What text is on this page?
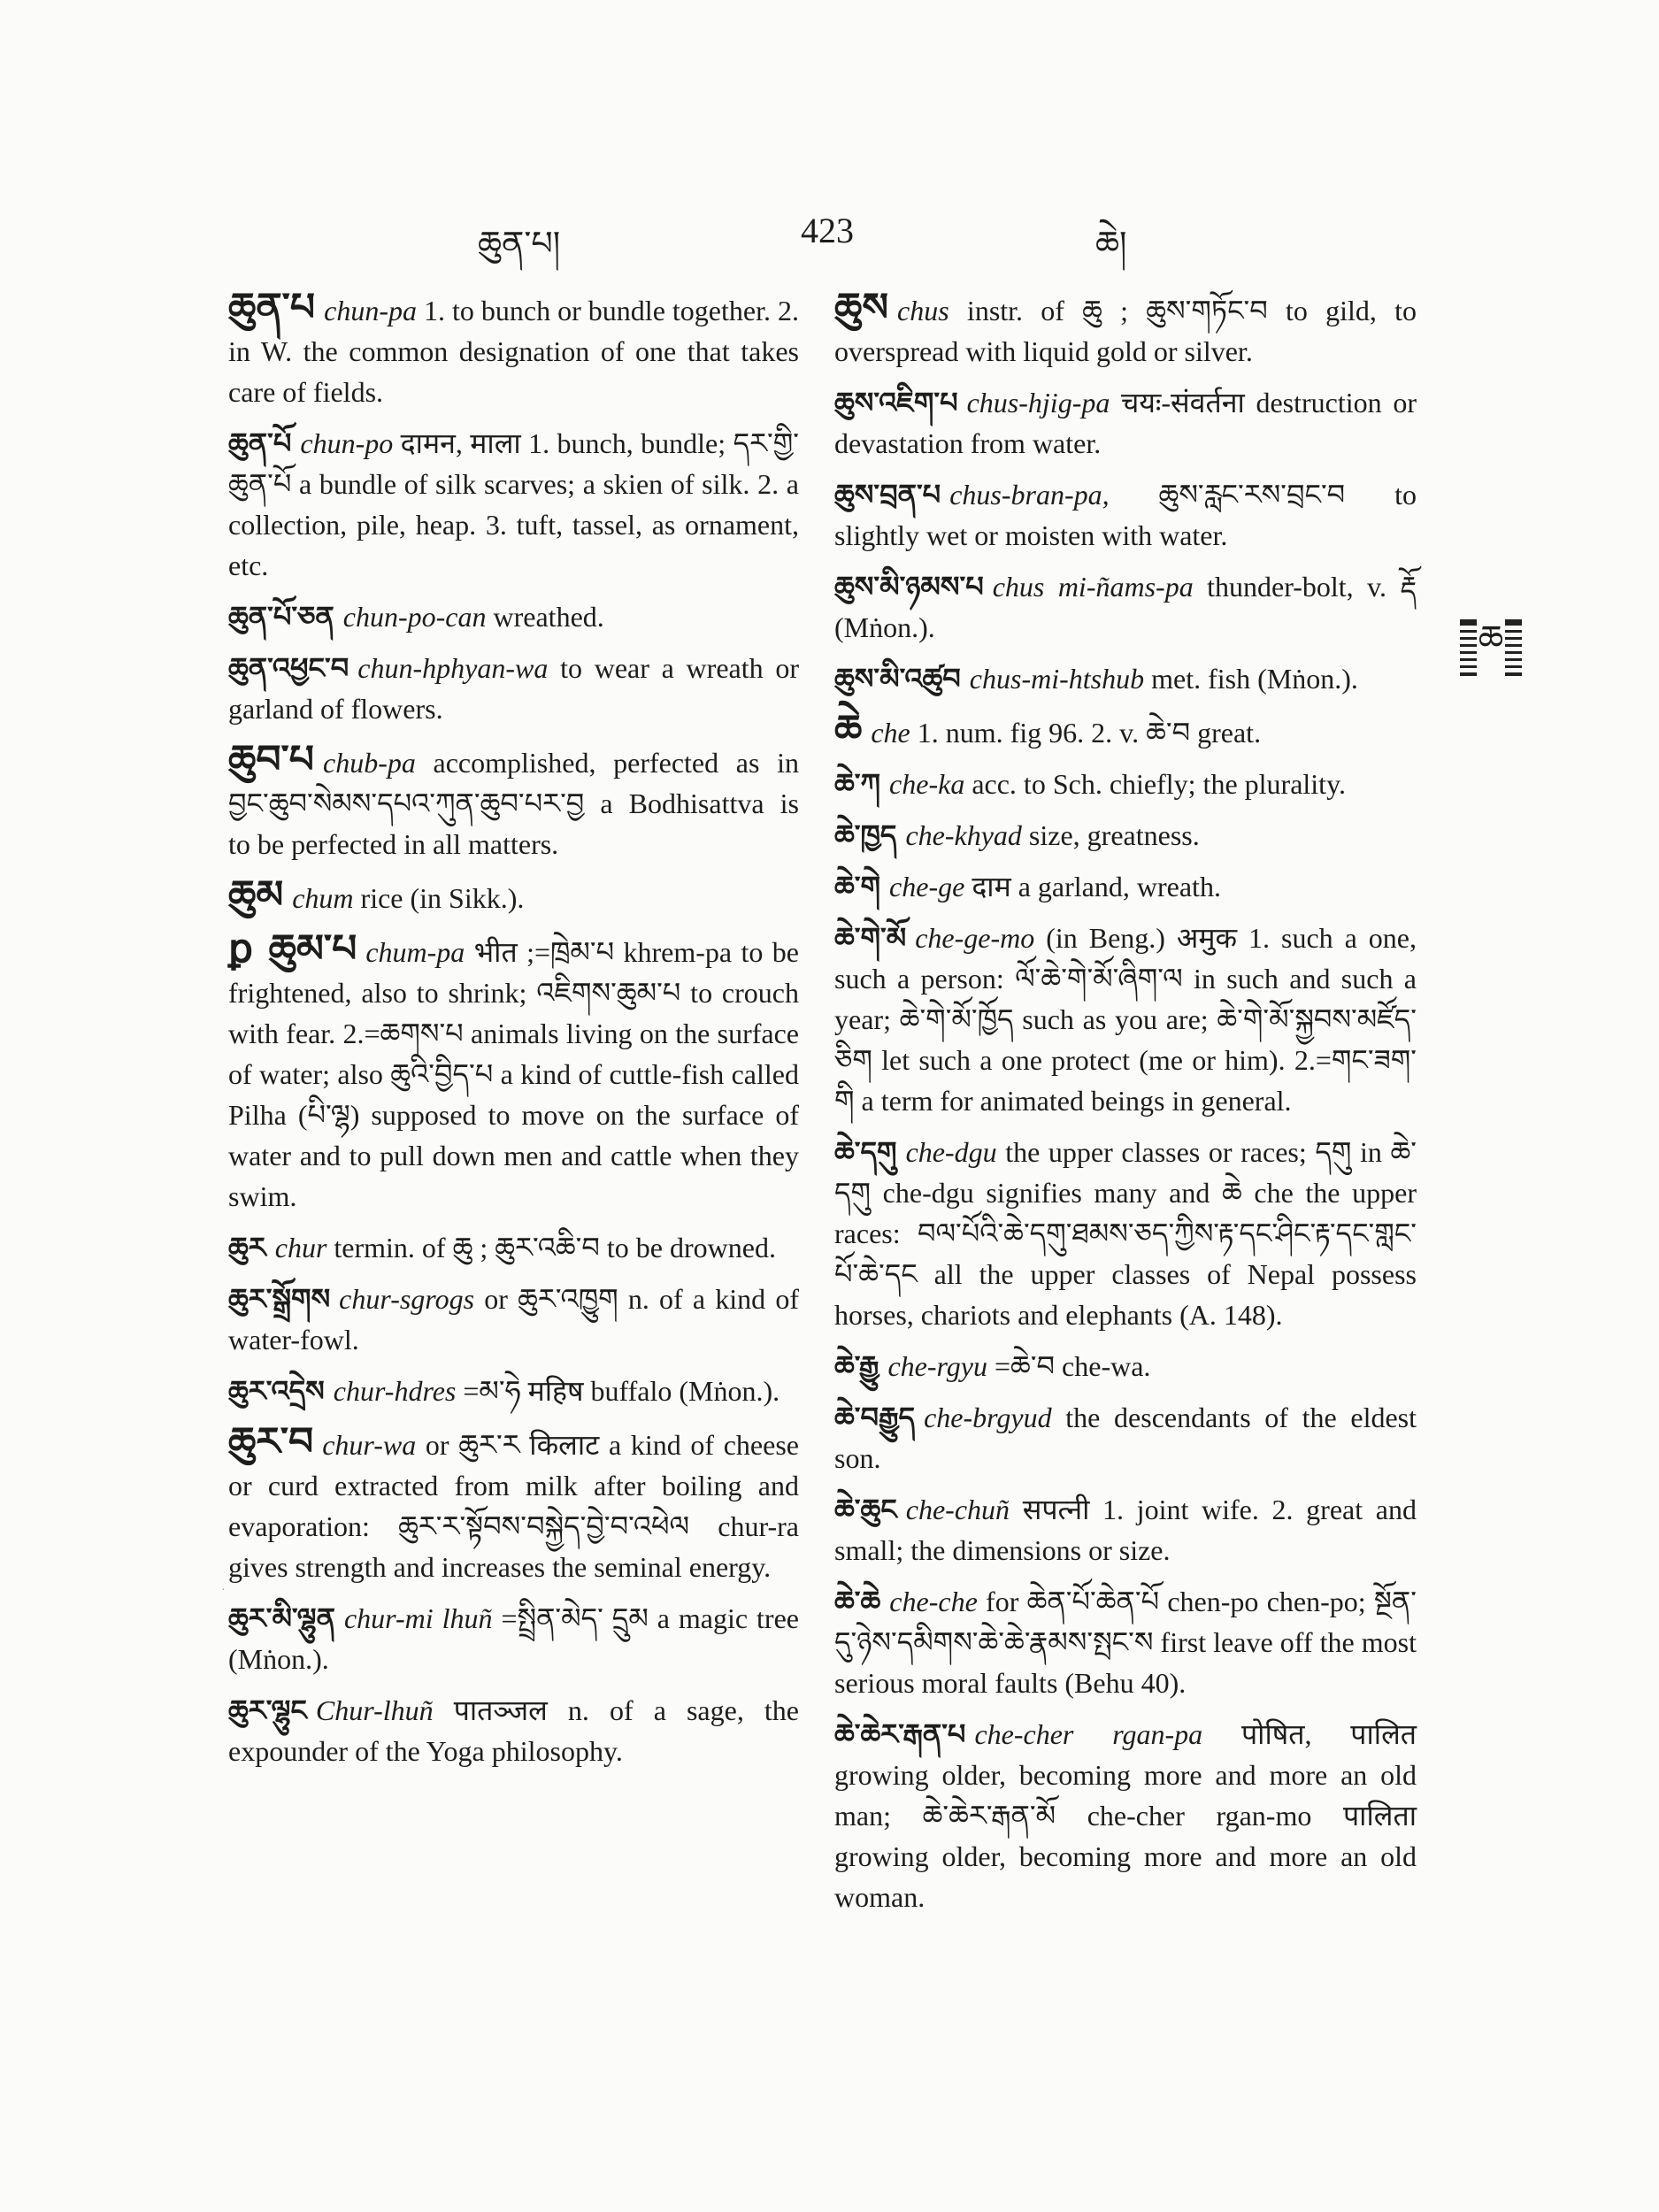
ཆུན་པ།	423	ཆེ།

ཆུན་པ chun-pa 1. to bunch or bundle together. 2. in W. the common designation of one that takes care of fields.

ཆུན་པོ chun-po दामन, माला 1. bunch, bundle; དར་གྱི་ཆུན་པོ a bundle of silk scarves; a skien of silk. 2. a collection, pile, heap. 3. tuft, tassel, as ornament, etc.

ཆུན་པོ་ཅན chun-po-can wreathed.

ཆུན་འཕྱང་བ chun-hphyan-wa to wear a wreath or garland of flowers.

ཆུབ་པ chub-pa accomplished, perfected as in བྱང་ཆུབ་སེམས་དཔའ་ཀུན་ཆུབ་པར་བྱ a Bodhisattva is to be perfected in all matters.

ཆུམ chum rice (in Sikk.).

ꝑ ཆུམ་པ chum-pa भीत ;=ཁྲེམ་པ khrem-pa to be frightened, also to shrink; འཇིགས་ཆུམ་པ to crouch with fear. 2.=ཆགས་པ animals living on the surface of water; also ཆུའི་བྱིད་པ a kind of cuttle-fish called Pilha (པི་ལྷ) supposed to move on the surface of water and to pull down men and cattle when they swim.

ཆུར chur termin. of ཆུ ; ཆུར་འཆི་བ to be drowned.

ཆུར་སྒྲོགས chur-sgrogs or ཆུར་འཁྱུག n. of a kind of water-fowl.

ཆུར་འདྲེས chur-hdres =མ་ཧེ महिष buffalo (Mṅon.).

ཆུར་བ chur-wa or ཆུར་ར किलाट a kind of cheese or curd extracted from milk after boiling and evaporation: ཆུར་ར་སྟོབས་བསྐྱེད་བྱེ་བ་འཕེལ chur-ra gives strength and increases the seminal energy.

ཆུར་མི་ལྷུན chur-mi lhuñ =སྤྲིན་མེད་ དྲུམ a magic tree (Mṅon.).

ཆུར་ལྷུང Chur-lhuñ पातञ्जल n. of a sage, the expounder of the Yoga philosophy.

ཆུས chus instr. of ཆུ ; ཆུས་གཏོང་བ to gild, to overspread with liquid gold or silver.

ཆུས་འཇིག་པ chus-hjig-pa चयः-संवर्तना destruction or devastation from water.

ཆུས་བྲན་པ chus-bran-pa, ཆུས་རླང་རས་བྲང་བ to slightly wet or moisten with water.

ཆུས་མི་ཉམས་པ chus mi-ñams-pa thunder-bolt, v. རྡོ (Mṅon.).

ཆུས་མི་འཚུབ chus-mi-htshub met. fish (Mṅon.).

ཆེ che 1. num. fig 96. 2. v. ཆེ་བ great.

ཆེ་ཀ che-ka acc. to Sch. chiefly; the plurality.

ཆེ་ཁྱད che-khyad size, greatness.

ཆེ་གེ che-ge दाम a garland, wreath.

ཆེ་གེ་མོ che-ge-mo (in Beng.) अमुक 1. such a one, such a person: ལོ་ཆེ་གེ་མོ་ཞིག་ལ in such and such a year; ཆེ་གེ་མོ་ཁྱོད such as you are; ཆེ་གེ་མོ་སྐྱབས་མཛོད་ཅིག let such a one protect (me or him). 2.=གང་ཟག་གི a term for animated beings in general.

ཆེ་དགུ che-dgu the upper classes or races; དགུ in ཆེ་དགུ che-dgu signifies many and ཆེ che the upper races: བལ་པོའི་ཆེ་དགུ་ཐམས་ཅད་ཀྱིས་རྟ་དང་ཤིང་རྟ་དང་གླང་པོ་ཆེ་དང all the upper classes of Nepal possess horses, chariots and elephants (A. 148).

ཆེ་རྒྱུ che-rgyu =ཆེ་བ che-wa.

ཆེ་བརྒྱུད che-brgyud the descendants of the eldest son.

ཆེ་ཆུང che-chuñ सपत्नी 1. joint wife. 2. great and small; the dimensions or size.

ཆེ་ཆེ che-che for ཆེན་པོ་ཆེན་པོ chen-po chen-po; སྔོན་དུ་ཉེས་དམིགས་ཆེ་ཆེ་རྣམས་སྤང་ས first leave off the most serious moral faults (Behu 40).

ཆེ་ཆེར་རྒན་པ che-cher rgan-pa पोषित, पालित growing older, becoming more and more an old man; ཆེ་ཆེར་རྒན་མོ che-cher rgan-mo पालिता growing older, becoming more and more an old woman.

ཆ
·
